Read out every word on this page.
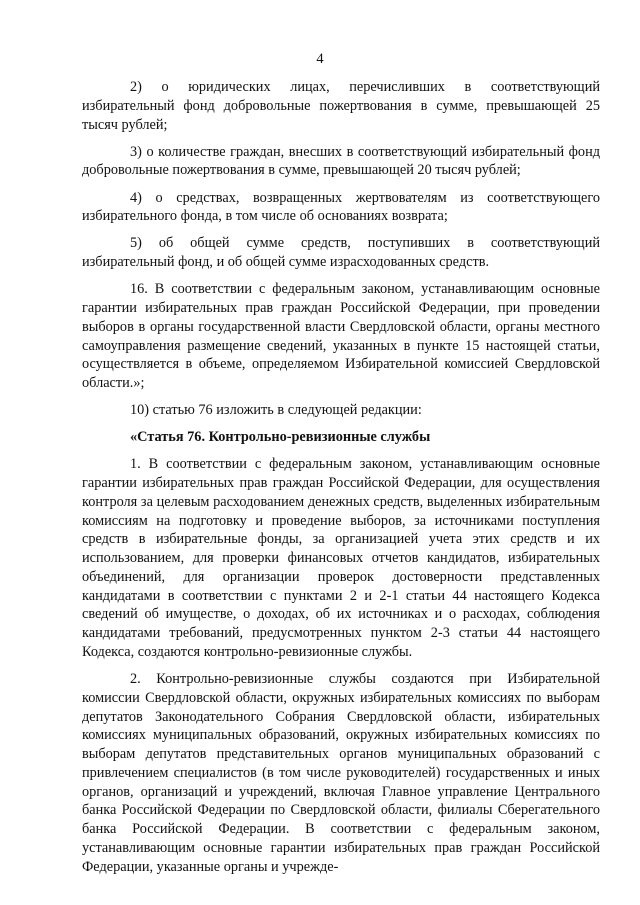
4

2) о юридических лицах, перечисливших в соответствующий избирательный фонд добровольные пожертвования в сумме, превышающей 25 тысяч рублей;

3) о количестве граждан, внесших в соответствующий избирательный фонд добровольные пожертвования в сумме, превышающей 20 тысяч рублей;

4) о средствах, возвращенных жертвователям из соответствующего избирательного фонда, в том числе об основаниях возврата;

5) об общей сумме средств, поступивших в соответствующий избирательный фонд, и об общей сумме израсходованных средств.

16. В соответствии с федеральным законом, устанавливающим основные гарантии избирательных прав граждан Российской Федерации, при проведении выборов в органы государственной власти Свердловской области, органы местного самоуправления размещение сведений, указанных в пункте 15 настоящей статьи, осуществляется в объеме, определяемом Избирательной комиссией Свердловской области.»;

10) статью 76 изложить в следующей редакции:

«Статья 76. Контрольно-ревизионные службы

1. В соответствии с федеральным законом, устанавливающим основные гарантии избирательных прав граждан Российской Федерации, для осуществления контроля за целевым расходованием денежных средств, выделенных избирательным комиссиям на подготовку и проведение выборов, за источниками поступления средств в избирательные фонды, за организацией учета этих средств и их использованием, для проверки финансовых отчетов кандидатов, избирательных объединений, для организации проверок достоверности представленных кандидатами в соответствии с пунктами 2 и 2-1 статьи 44 настоящего Кодекса сведений об имуществе, о доходах, об их источниках и о расходах, соблюдения кандидатами требований, предусмотренных пунктом 2-3 статьи 44 настоящего Кодекса, создаются контрольно-ревизионные службы.

2. Контрольно-ревизионные службы создаются при Избирательной комиссии Свердловской области, окружных избирательных комиссиях по выборам депутатов Законодательного Собрания Свердловской области, избирательных комиссиях муниципальных образований, окружных избирательных комиссиях по выборам депутатов представительных органов муниципальных образований с привлечением специалистов (в том числе руководителей) государственных и иных органов, организаций и учреждений, включая Главное управление Центрального банка Российской Федерации по Свердловской области, филиалы Сберегательного банка Российской Федерации. В соответствии с федеральным законом, устанавливающим основные гарантии избирательных прав граждан Российской Федерации, указанные органы и учрежде-
